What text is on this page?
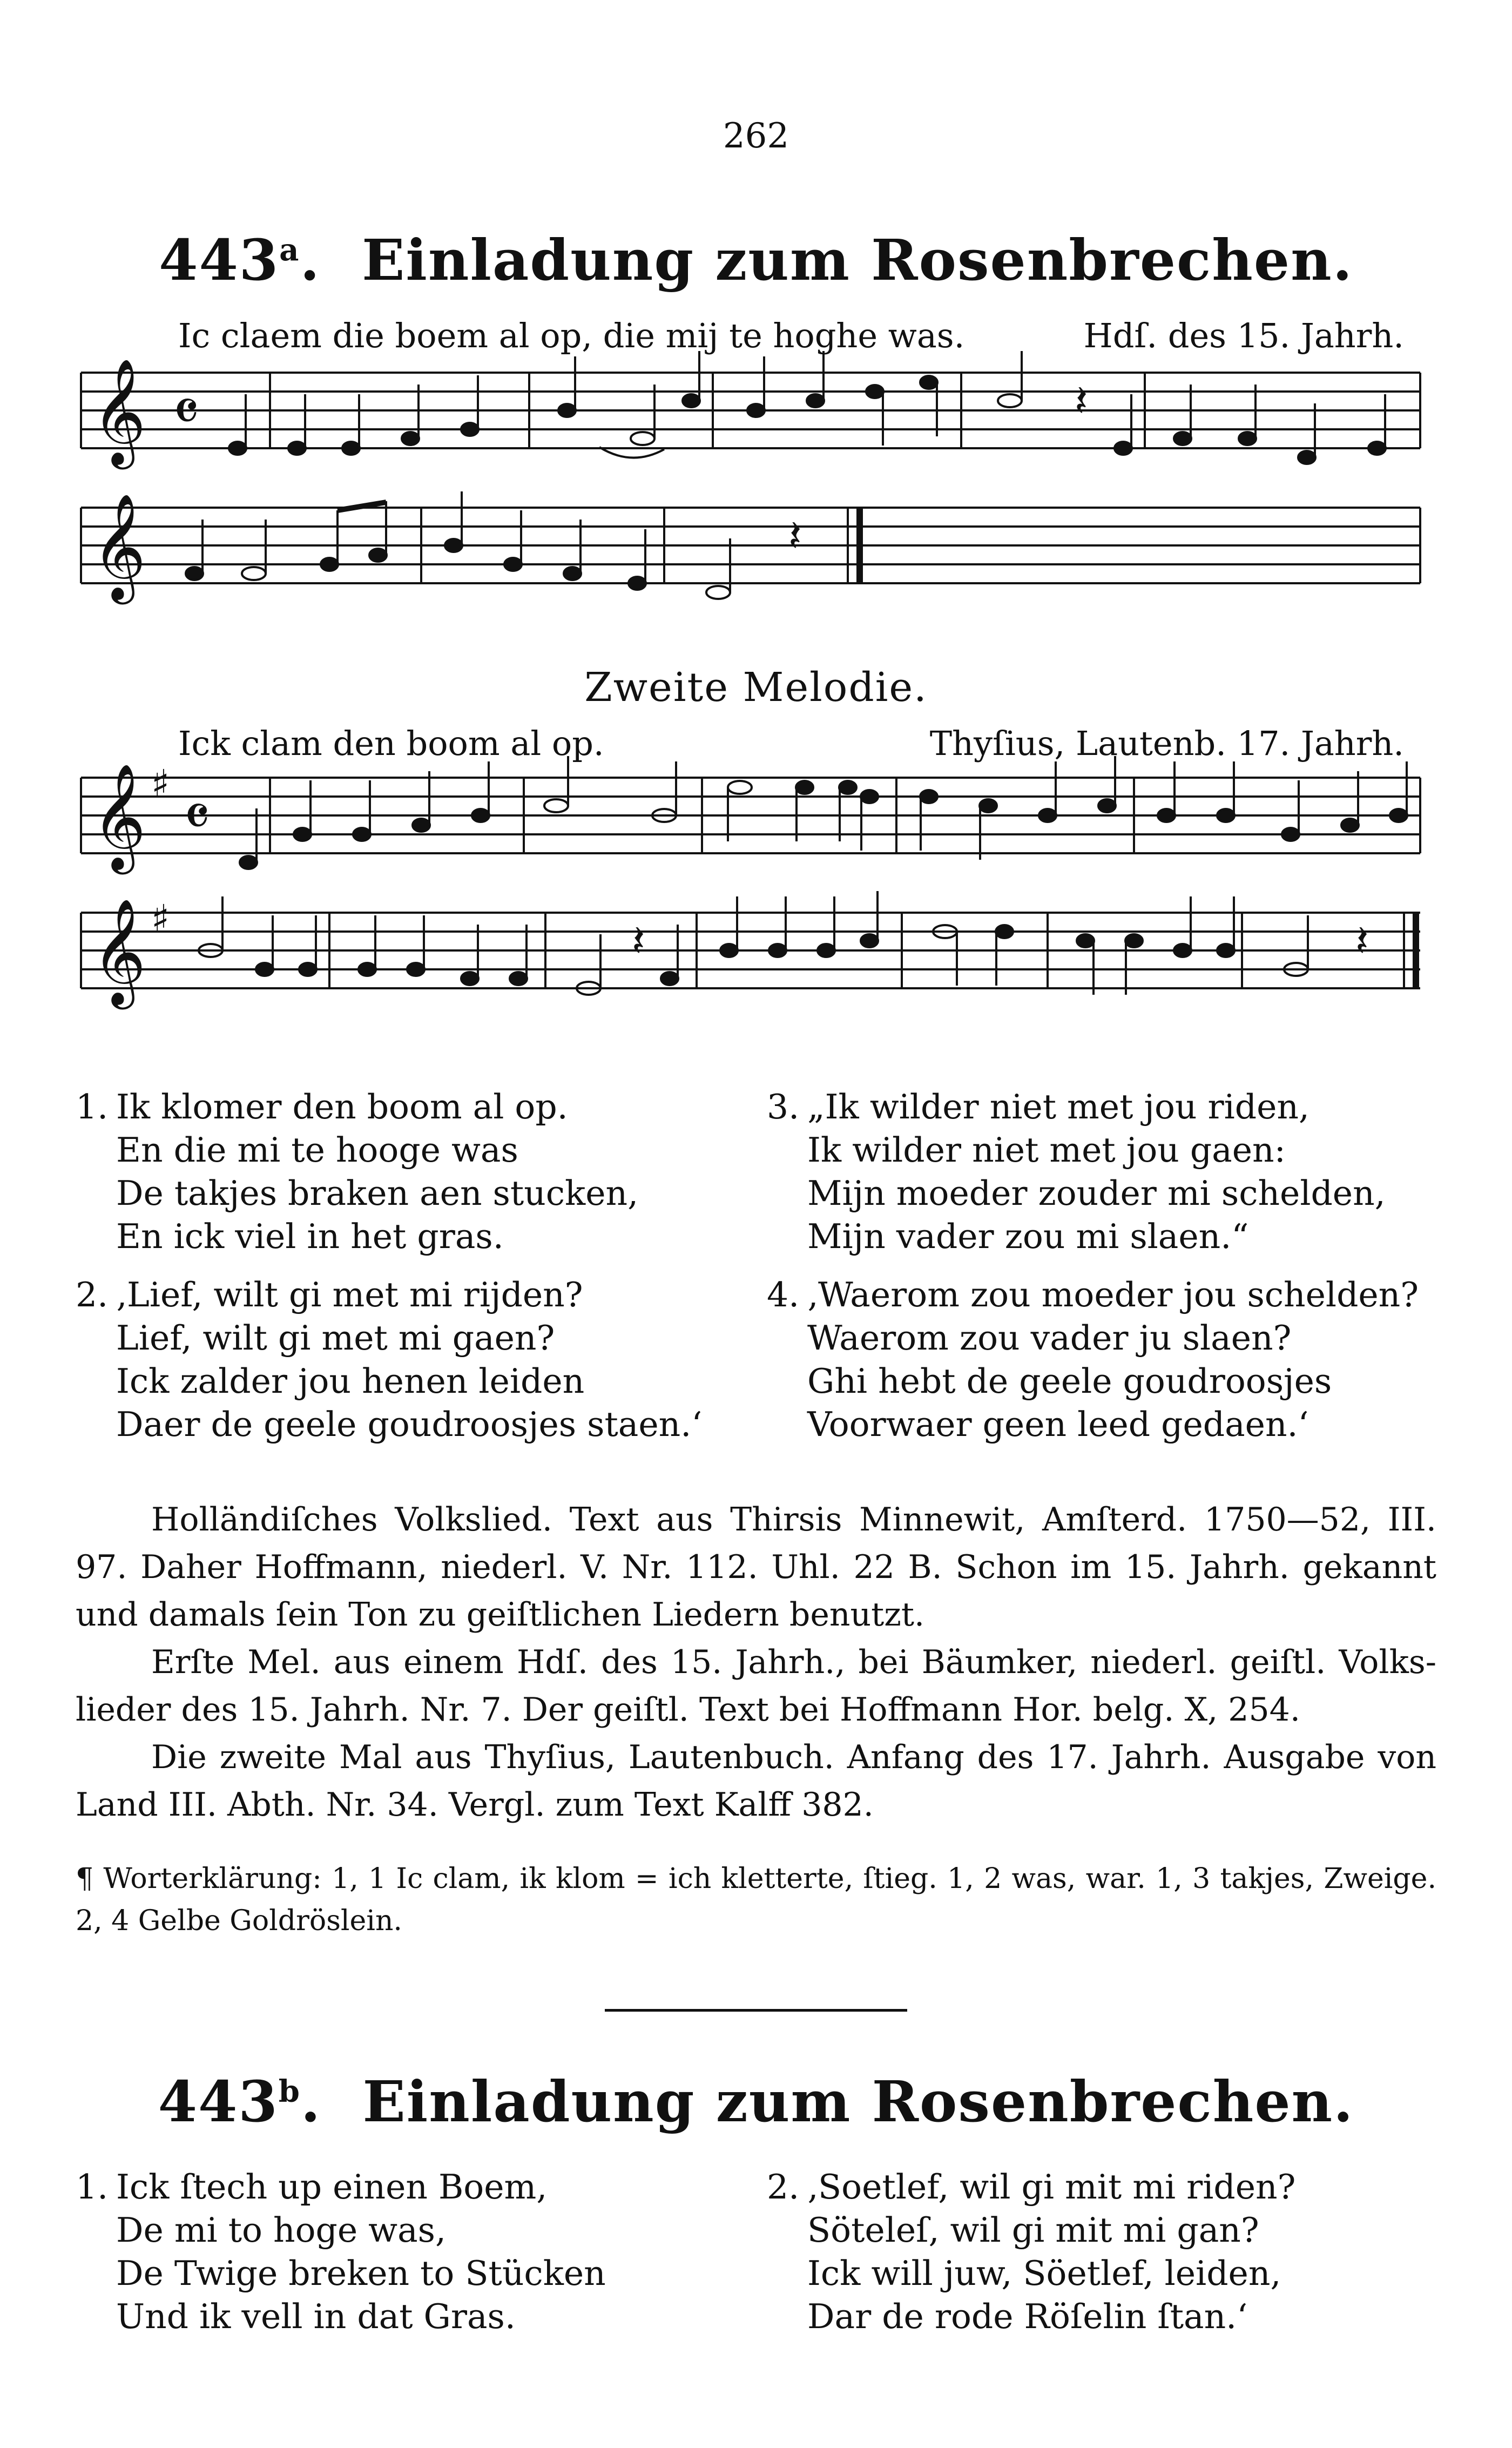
262
443$^a$.  Einladung zum Rosenbrechen.
Ic claem die boem al op, die mij te hoghe was.	Hdſ. des 15. Jahrh.
𝄞 𝄴	𝄽
𝄞	𝄽
Zweite Melodie.
Ick clam den boom al op.	Thyſius, Lautenb. 17. Jahrh.
𝄞 ♯ 𝄴
𝄞 ♯	𝄽	𝄽
1. Ik klomer den boom al op.
En die mi te hooge was
De takjes braken aen stucken,
En ick viel in het gras.
2. ‚Lief, wilt gi met mi rijden?
Lief, wilt gi met mi gaen?
Ick zalder jou henen leiden
Daer de geele goudroosjes staen.‘
3. „Ik wilder niet met jou riden,
Ik wilder niet met jou gaen:
Mijn moeder zouder mi schelden,
Mijn vader zou mi slaen.“
4. ‚Waerom zou moeder jou schelden?
Waerom zou vader ju slaen?
Ghi hebt de geele goudroosjes
Voorwaer geen leed gedaen.‘

Holländiſches Volkslied. Text aus Thirsis Minnewit, Amſterd. 1750—52, III. 97. Daher Hoffmann, niederl. V. Nr. 112. Uhl. 22 B. Schon im 15. Jahrh. gekannt und damals ſein Ton zu geiſtlichen Liedern benutzt.

Erſte Mel. aus einem Hdſ. des 15. Jahrh., bei Bäumker, niederl. geiſtl. Volkslieder des 15. Jahrh. Nr. 7. Der geiſtl. Text bei Hoffmann Hor. belg. X, 254.

Die zweite Mal aus Thyſius, Lautenbuch. Anfang des 17. Jahrh. Ausgabe von Land III. Abth. Nr. 34. Vergl. zum Text Kalff 382.

¶ Worterklärung: 1, 1 Ic clam, ik klom = ich kletterte, ſtieg. 1, 2 was, war. 1, 3 takjes, Zweige. 2, 4 Gelbe Goldröslein.
443$^b$.  Einladung zum Rosenbrechen.
1. Ick ſtech up einen Boem,
De mi to hoge was,
De Twige breken to Stücken
Und ik vell in dat Gras.
2. ‚Soetlef, wil gi mit mi riden?
Söteleſ, wil gi mit mi gan?
Ick will juw, Söetlef, leiden,
Dar de rode Röſelin ſtan.‘
